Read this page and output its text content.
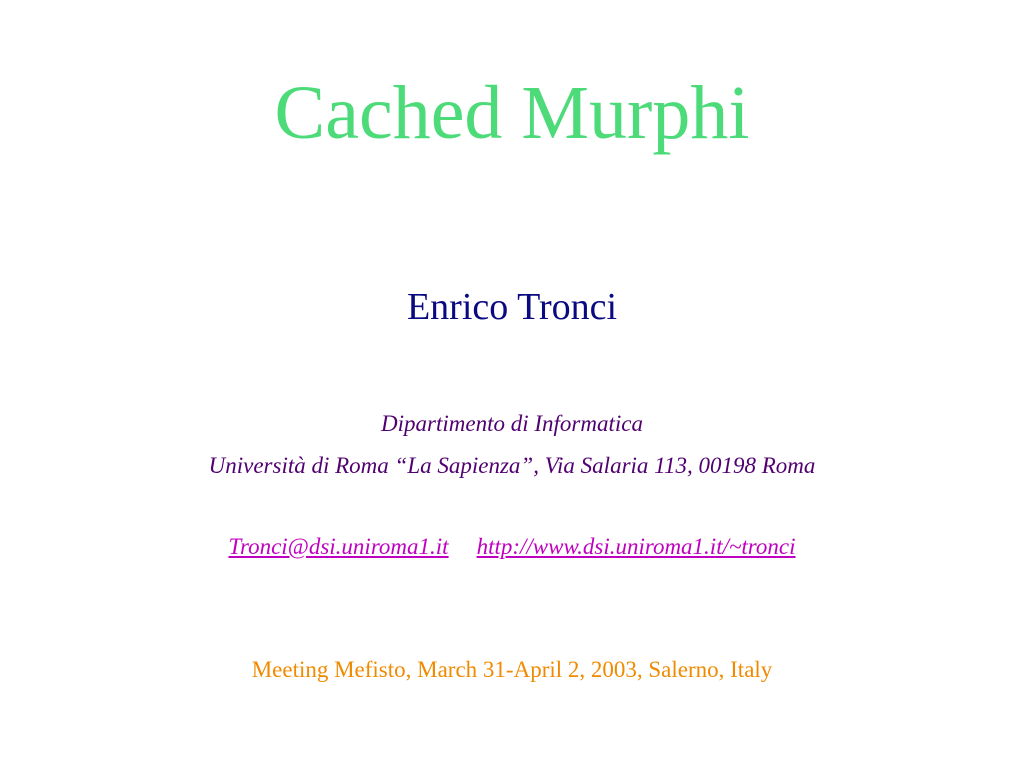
Cached Murphi
Enrico Tronci
Dipartimento di Informatica
Università di Roma “La Sapienza”, Via Salaria 113, 00198 Roma
Tronci@dsi.uniroma1.it http://www.dsi.uniroma1.it/~tronci
Meeting Mefisto, March 31-April 2, 2003, Salerno, Italy
